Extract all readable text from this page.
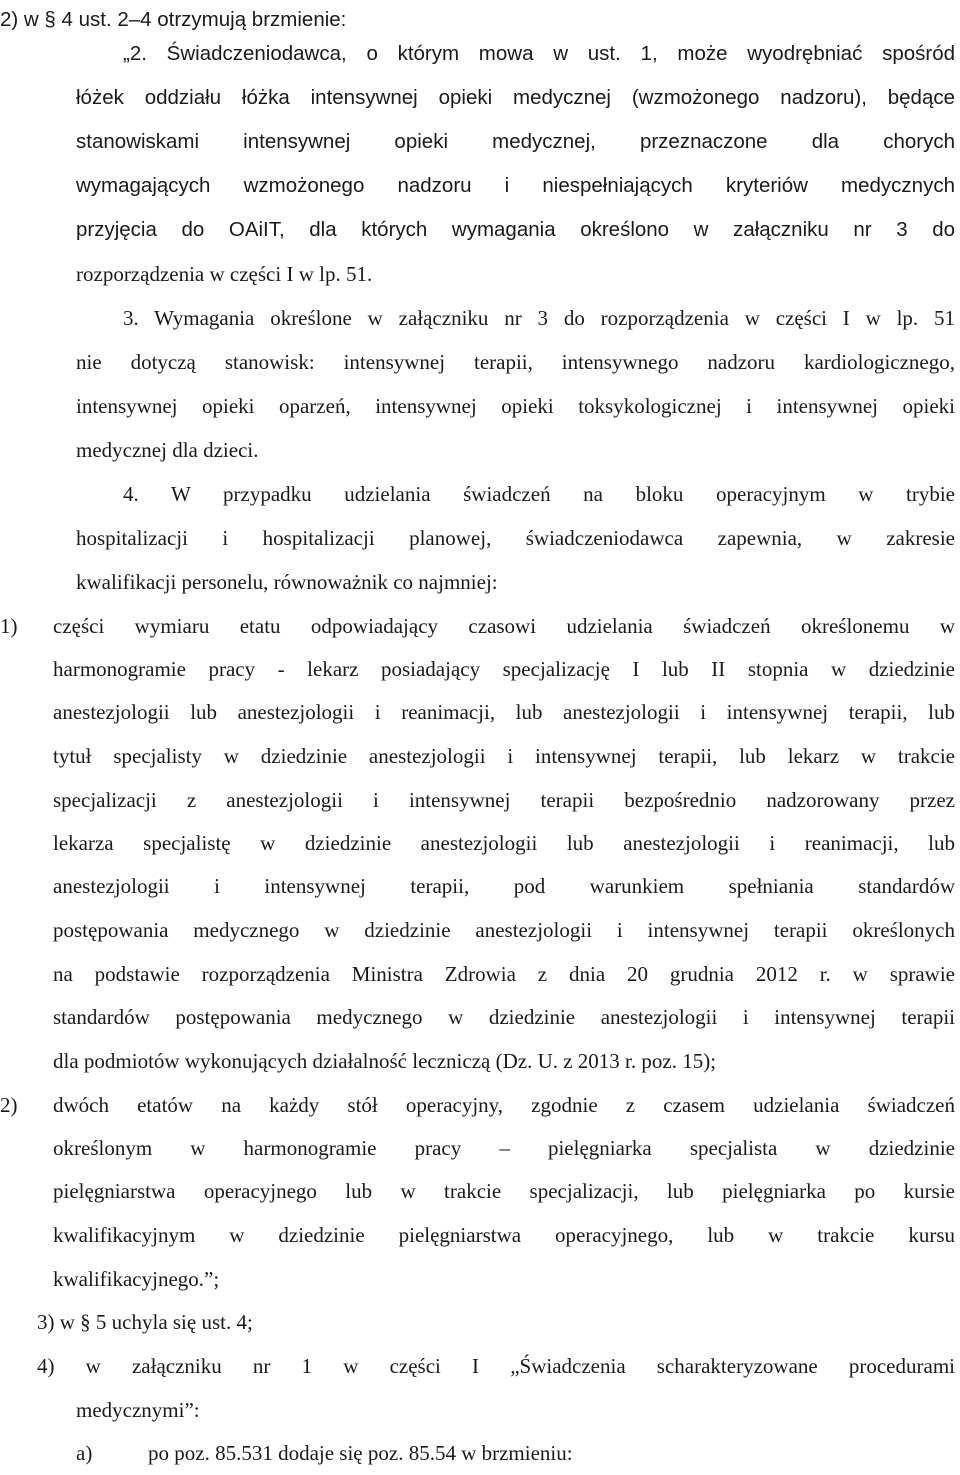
2) w § 4 ust. 2–4 otrzymują brzmienie:
„2. Świadczeniodawca, o którym mowa w ust. 1, może wyodrębniać spośród
łóżek oddziału łóżka intensywnej opieki medycznej (wzmożonego nadzoru), będące
stanowiskami intensywnej opieki medycznej, przeznaczone dla chorych
wymagających wzmożonego nadzoru i niespełniających kryteriów medycznych
przyjęcia do OAiIT, dla których wymagania określono w załączniku nr 3 do
rozporządzenia w części I w lp. 51.
3. Wymagania określone w załączniku nr 3 do rozporządzenia w części I w lp. 51
nie dotyczą stanowisk: intensywnej terapii, intensywnego nadzoru kardiologicznego,
intensywnej opieki oparzeń, intensywnej opieki toksykologicznej i intensywnej opieki
medycznej dla dzieci.
4. W przypadku udzielania świadczeń na bloku operacyjnym w trybie
hospitalizacji i hospitalizacji planowej, świadczeniodawca zapewnia, w zakresie
kwalifikacji personelu, równoważnik co najmniej:
1) części wymiaru etatu odpowiadający czasowi udzielania świadczeń określonemu w
harmonogramie pracy - lekarz posiadający specjalizację I lub II stopnia w dziedzinie
anestezjologii lub anestezjologii i reanimacji, lub anestezjologii i intensywnej terapii, lub
tytuł specjalisty w dziedzinie anestezjologii i intensywnej terapii, lub lekarz w trakcie
specjalizacji z anestezjologii i intensywnej terapii bezpośrednio nadzorowany przez
lekarza specjalistę w dziedzinie anestezjologii lub anestezjologii i reanimacji, lub
anestezjologii i intensywnej terapii, pod warunkiem spełniania standardów
postępowania medycznego w dziedzinie anestezjologii i intensywnej terapii określonych
na podstawie rozporządzenia Ministra Zdrowia z dnia 20 grudnia 2012 r. w sprawie
standardów postępowania medycznego w dziedzinie anestezjologii i intensywnej terapii
dla podmiotów wykonujących działalność leczniczą (Dz. U. z 2013 r. poz. 15);
2) dwóch etatów na każdy stół operacyjny, zgodnie z czasem udzielania świadczeń
określonym w harmonogramie pracy – pielęgniarka specjalista w dziedzinie
pielęgniarstwa operacyjnego lub w trakcie specjalizacji, lub pielęgniarka po kursie
kwalifikacyjnym w dziedzinie pielęgniarstwa operacyjnego, lub w trakcie kursu
kwalifikacyjnego.”;
3) w § 5 uchyla się ust. 4;
4) w załączniku nr 1 w części I „Świadczenia scharakteryzowane procedurami
medycznymi”:
a)	po poz. 85.531 dodaje się poz. 85.54 w brzmieniu:
